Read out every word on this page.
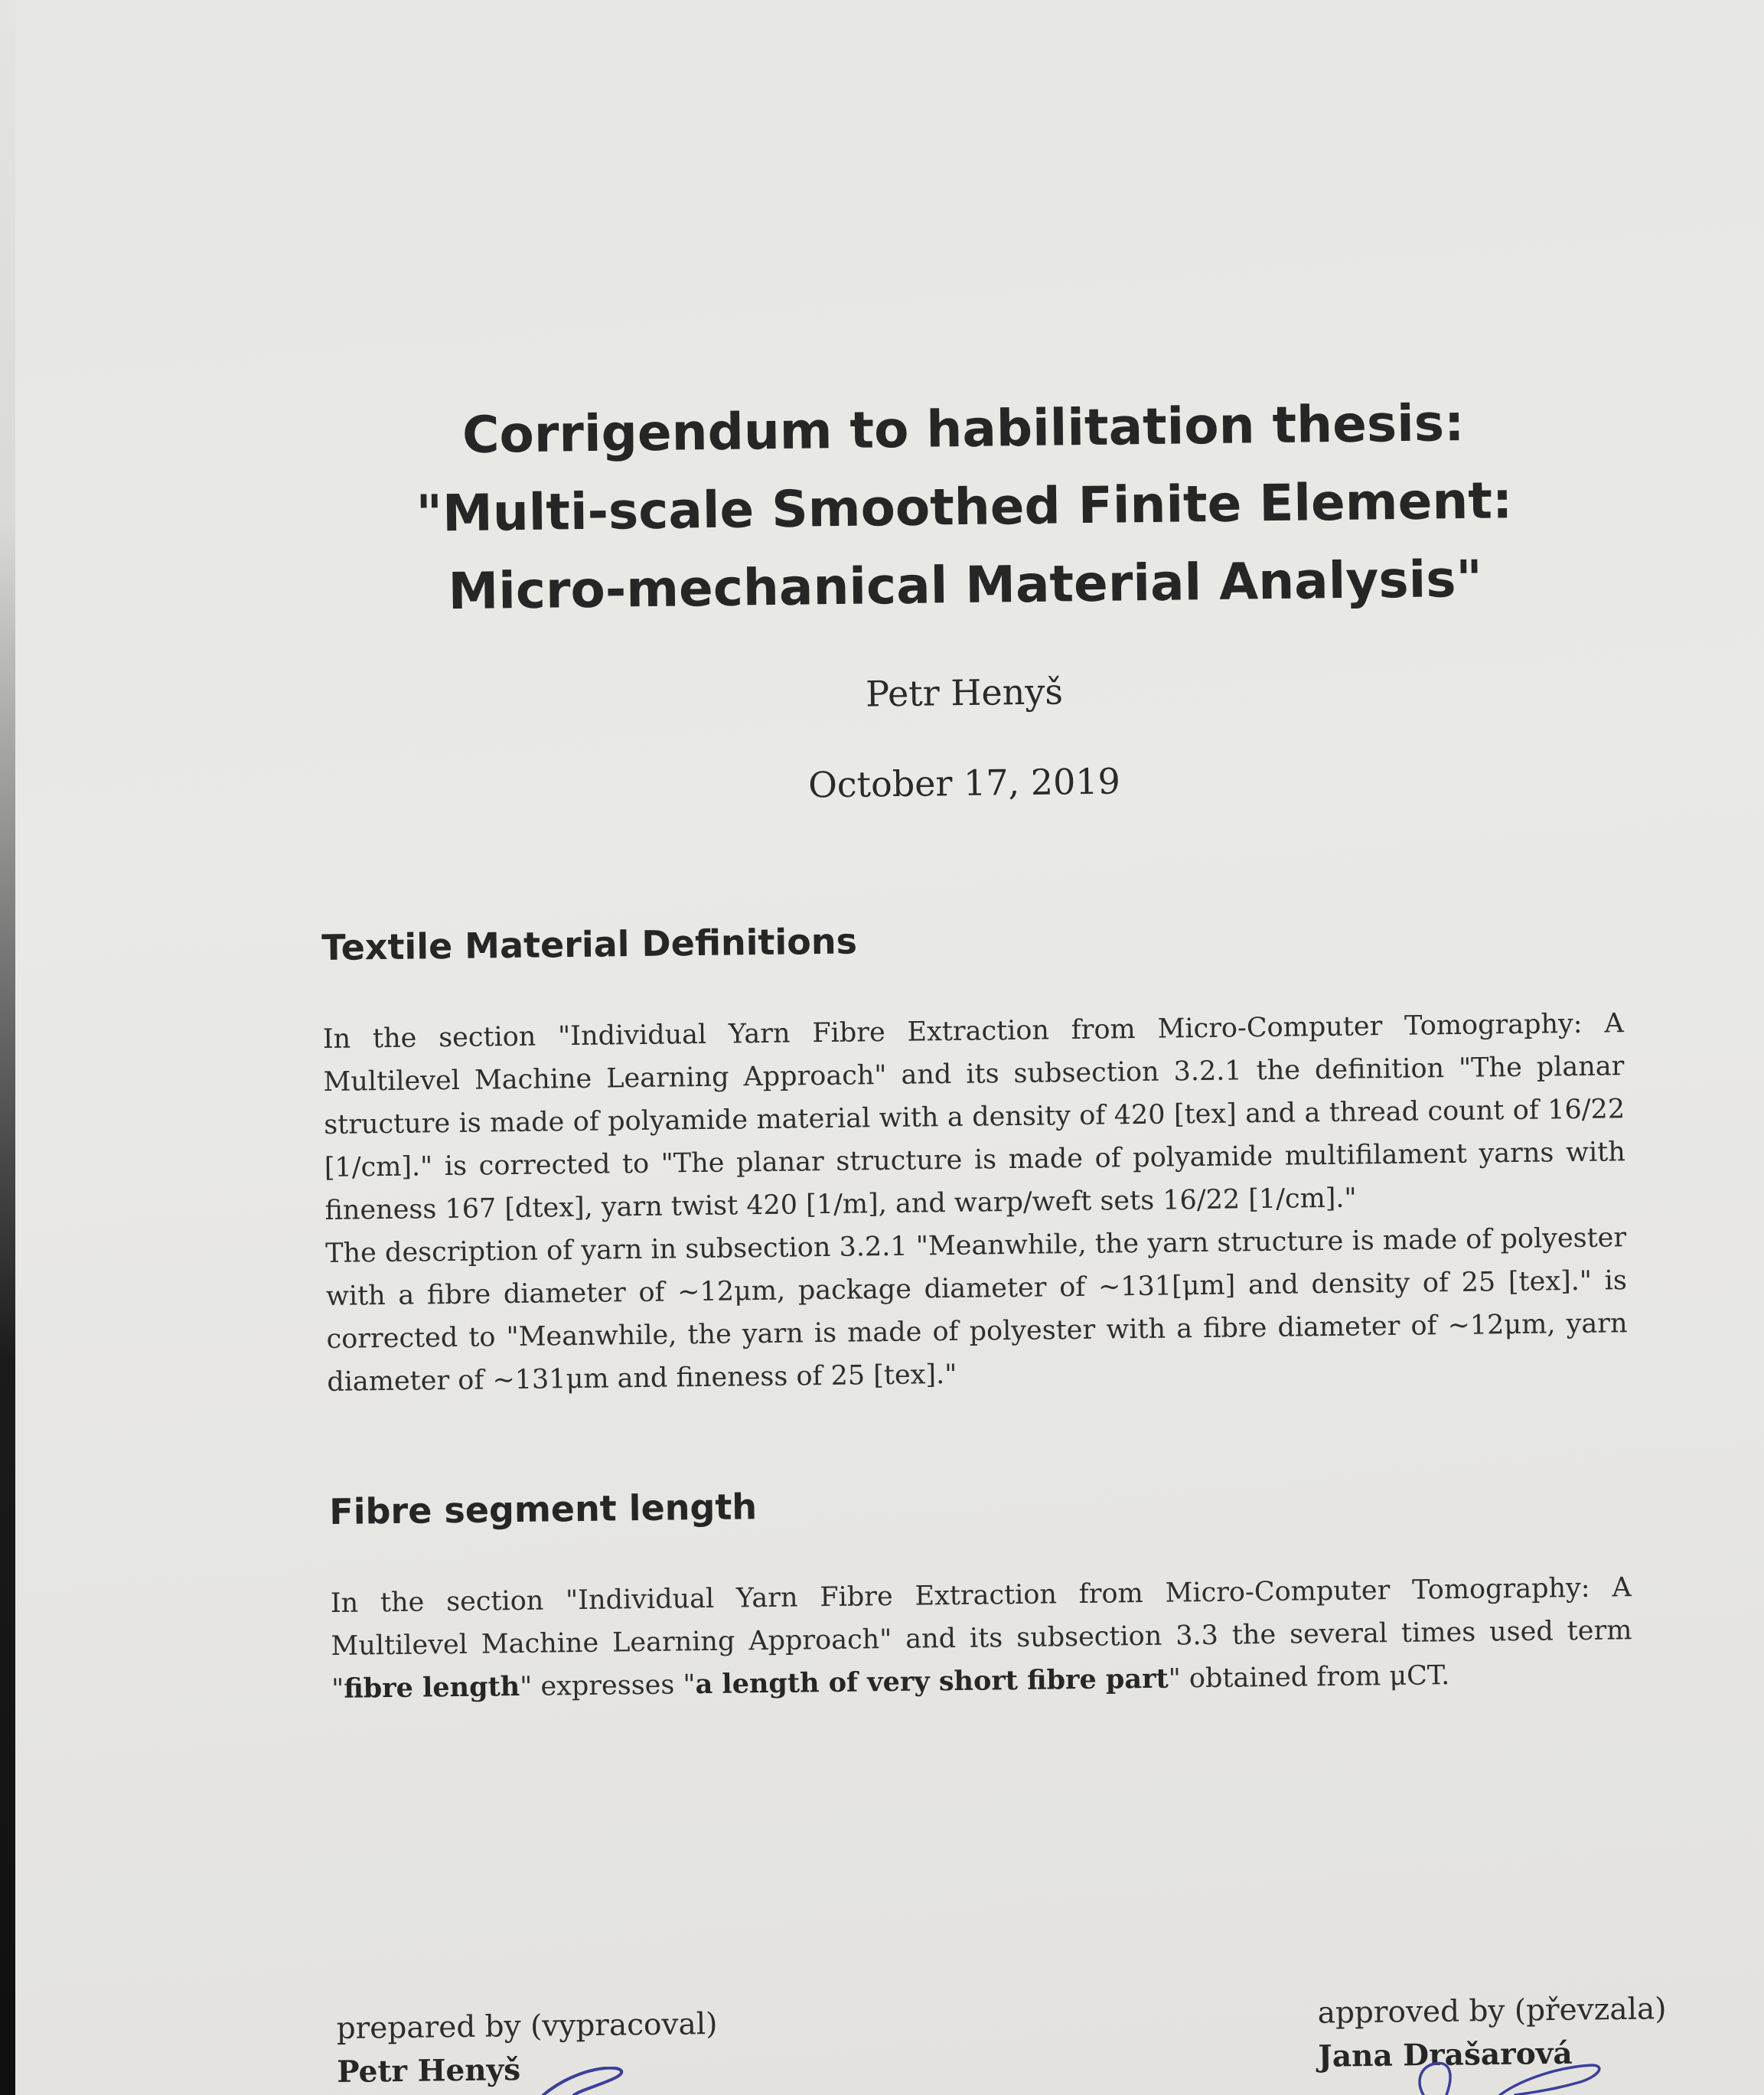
Corrigendum to habilitation thesis:
"Multi-scale Smoothed Finite Element:
Micro-mechanical Material Analysis"
Petr Henyš
October 17, 2019
Textile Material Definitions

In the section "Individual Yarn Fibre Extraction from Micro-Computer Tomography: A Multilevel Machine Learning Approach" and its subsection 3.2.1 the definition "The planar structure is made of polyamide material with a density of 420 [tex] and a thread count of 16/22 [1/cm]." is corrected to "The planar structure is made of polyamide multifilament yarns with fineness 167 [dtex], yarn twist 420 [1/m], and warp/weft sets 16/22 [1/cm]."

The description of yarn in subsection 3.2.1 "Meanwhile, the yarn structure is made of polyester with a fibre diameter of ~12μm, package diameter of ~131[μm] and density of 25 [tex]." is corrected to "Meanwhile, the yarn is made of polyester with a fibre diameter of ~12μm, yarn diameter of ~131μm and fineness of 25 [tex]."

Fibre segment length

In the section "Individual Yarn Fibre Extraction from Micro-Computer Tomography: A Multilevel Machine Learning Approach" and its subsection 3.3 the several times used term "fibre length" expresses "a length of very short fibre part" obtained from μCT.

prepared by (vypracoval)
Petr Henyš
approved by (převzala)
Jana Drašarová
